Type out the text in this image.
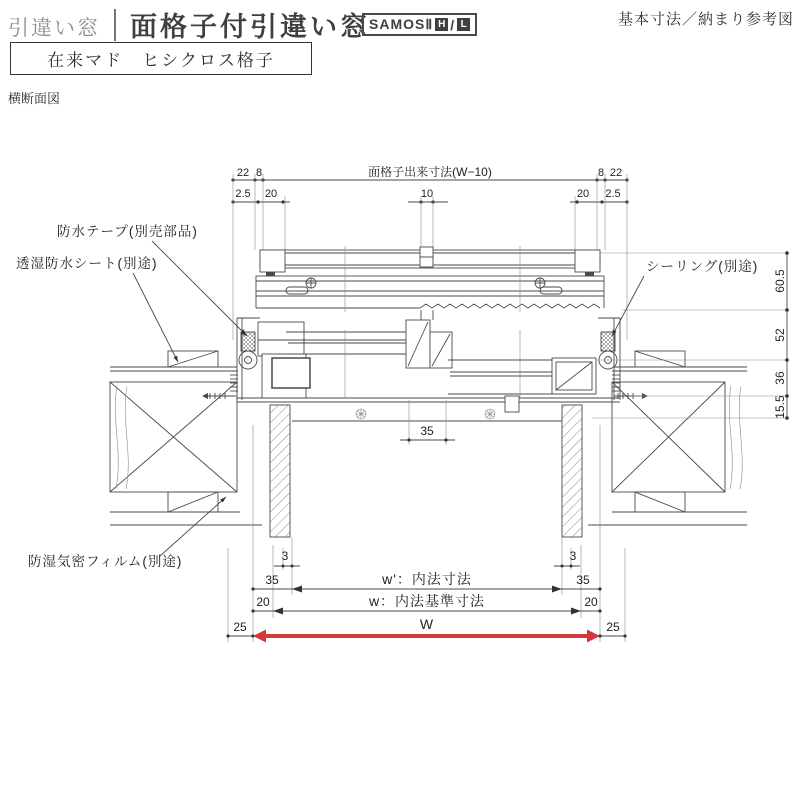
引違い窓 面格子付引違い窓 SAMOSⅡ H / L	基本寸法／納まり参考図
在来マド　ヒシクロス格子
横断面図
22 8	面格子出来寸法(W−10)	8 22
2.5 20	10	20 2.5
35
3	3
35	35
w'：内法寸法
20	20
w：内法基準寸法
25	25
W
60.5
52
36
15.5
防水テープ(別売部品)
透湿防水シート(別途)	シーリング(別途)
防湿気密フィルム(別途)
